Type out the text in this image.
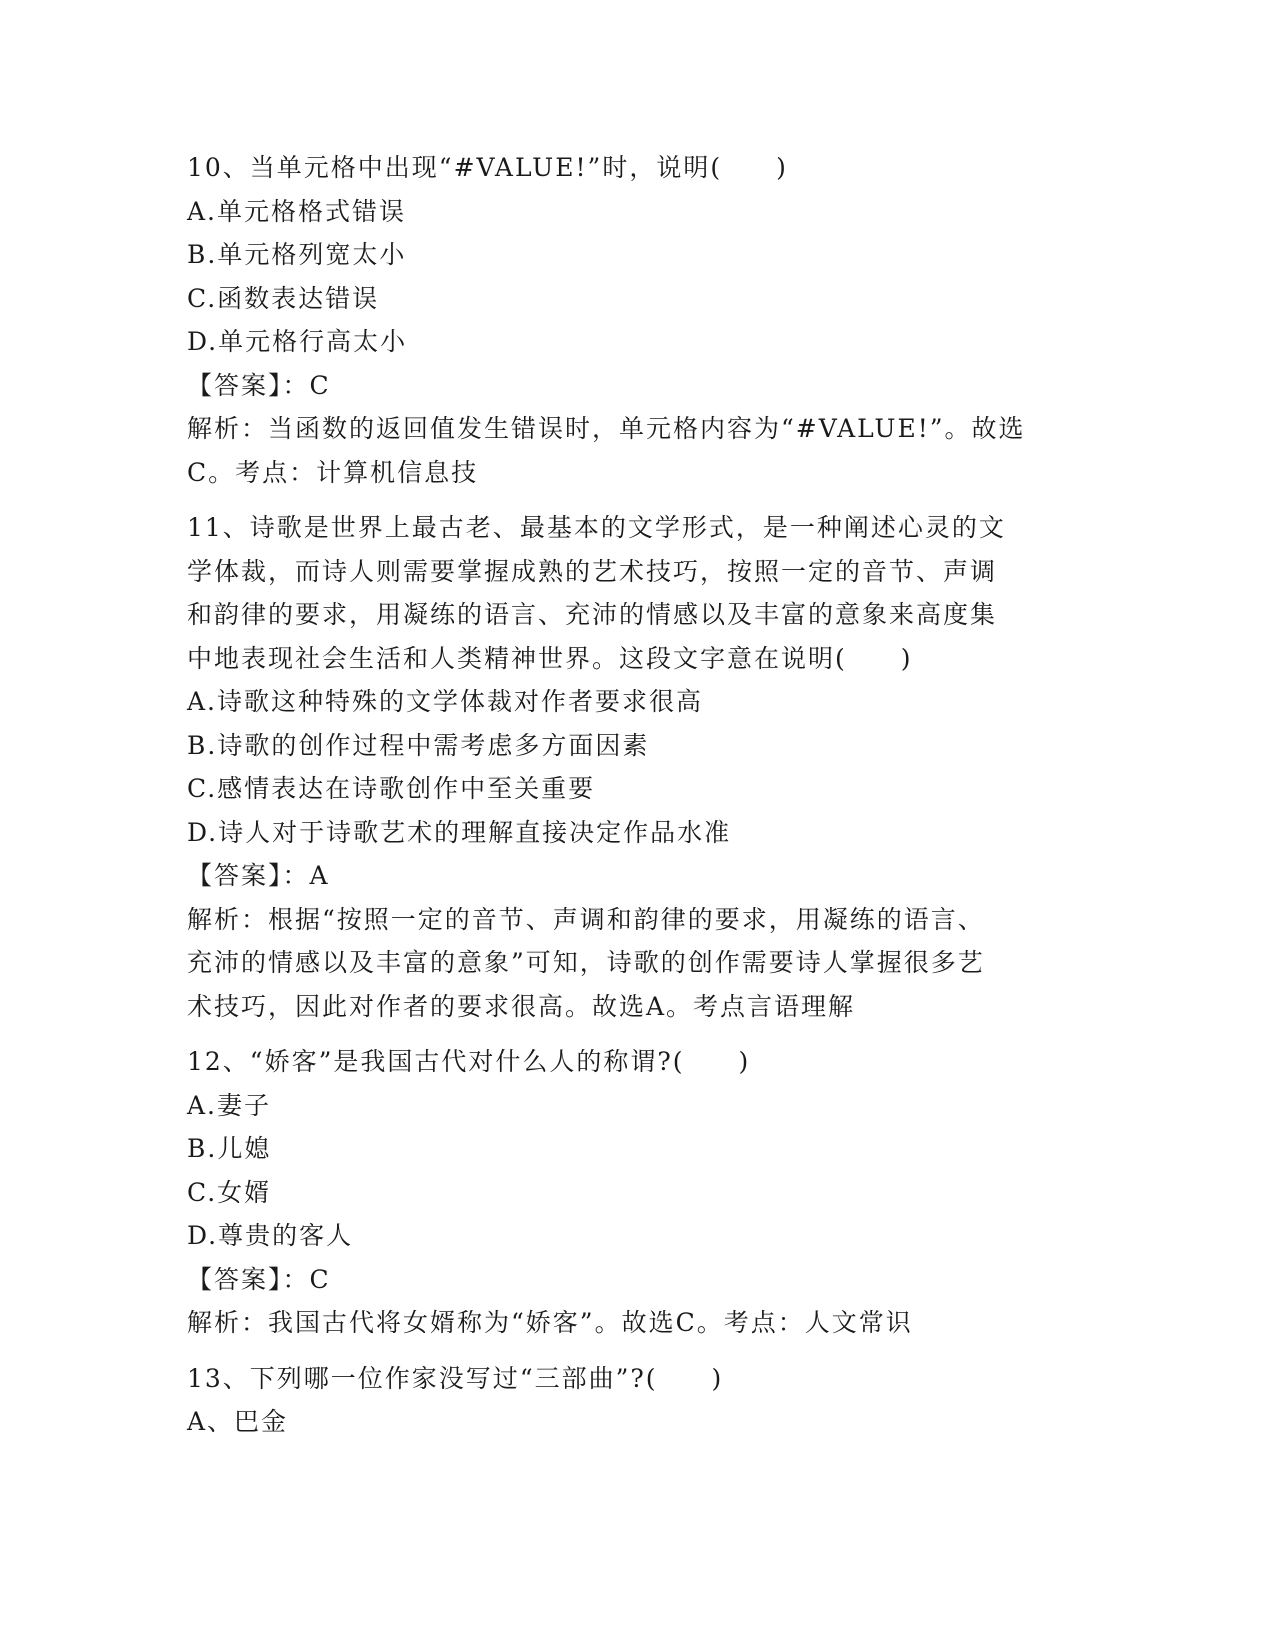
10、当单元格中出现“#VALUE!”时，说明(　　)
A.单元格格式错误
B.单元格列宽太小
C.函数表达错误
D.单元格行高太小
【答案】：C
解析：当函数的返回值发生错误时，单元格内容为“#VALUE!”。故选
C。考点：计算机信息技
11、诗歌是世界上最古老、最基本的文学形式，是一种阐述心灵的文
学体裁，而诗人则需要掌握成熟的艺术技巧，按照一定的音节、声调
和韵律的要求，用凝练的语言、充沛的情感以及丰富的意象来高度集
中地表现社会生活和人类精神世界。这段文字意在说明(　　)
A.诗歌这种特殊的文学体裁对作者要求很高
B.诗歌的创作过程中需考虑多方面因素
C.感情表达在诗歌创作中至关重要
D.诗人对于诗歌艺术的理解直接决定作品水准
【答案】：A
解析：根据“按照一定的音节、声调和韵律的要求，用凝练的语言、
充沛的情感以及丰富的意象”可知，诗歌的创作需要诗人掌握很多艺
术技巧，因此对作者的要求很高。故选A。考点言语理解
12、“娇客”是我国古代对什么人的称谓?(　　)
A.妻子
B.儿媳
C.女婿
D.尊贵的客人
【答案】：C
解析：我国古代将女婿称为“娇客”。故选C。考点：人文常识
13、下列哪一位作家没写过“三部曲”?(　　)
A、巴金
